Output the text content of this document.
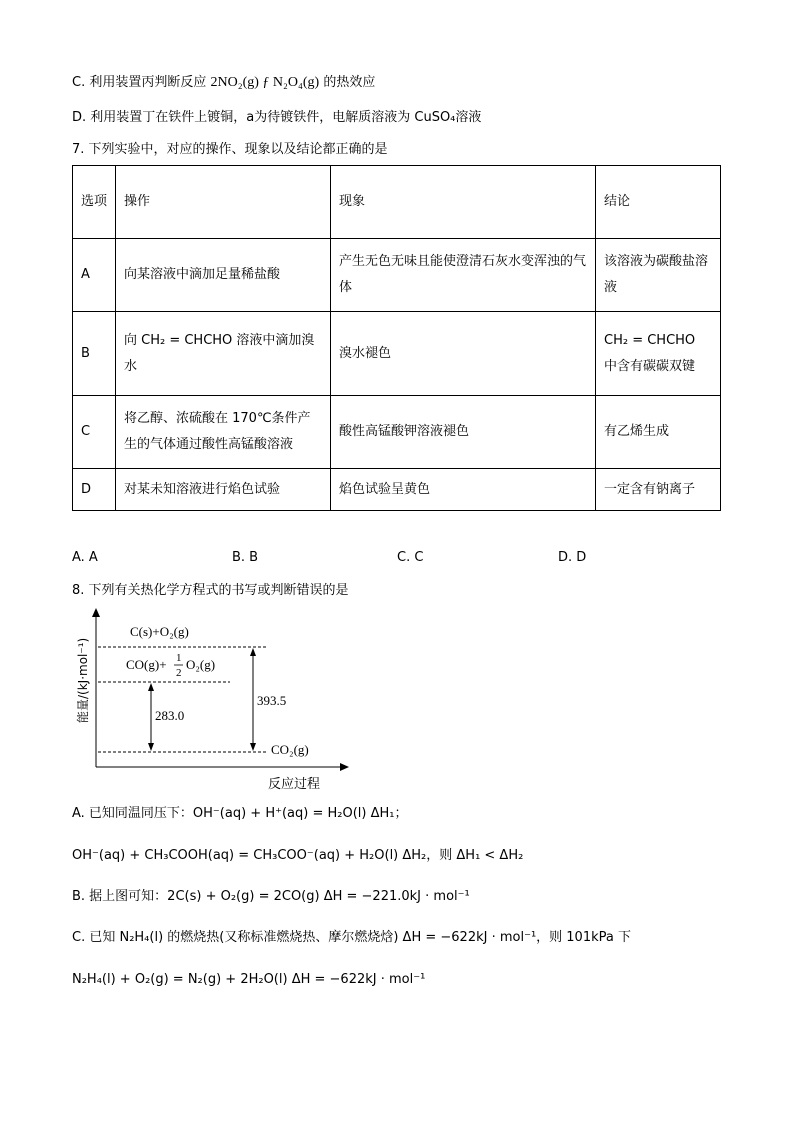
C. 利用装置丙判断反应 2NO₂(g) ƒ N₂O₄(g) 的热效应
D. 利用装置丁在铁件上镀铜，a为待镀铁件，电解质溶液为 CuSO₄溶液
7. 下列实验中，对应的操作、现象以及结论都正确的是
选项	操作	现象	结论
A	向某溶液中滴加足量稀盐酸	产生无色无味且能使澄清石灰水变浑浊的气体	该溶液为碳酸盐溶液
B	向 CH₂ = CHCHO 溶液中滴加溴水	溴水褪色	CH₂ = CHCHO 中含有碳碳双键
C	将乙醇、浓硫酸在 170℃条件产生的气体通过酸性高锰酸溶液	酸性高锰酸钾溶液褪色	有乙烯生成
D	对某未知溶液进行焰色试验	焰色试验呈黄色	一定含有钠离子
A. A	B. B	C. C	D. D
8. 下列有关热化学方程式的书写或判断错误的是
C(s)+O₂(g)
CO(g)+ 1
2
O₂(g)
CO₂(g)
283.0
393.5
反应过程
能量/(kJ·mol⁻¹)
A. 已知同温同压下：OH⁻(aq) + H⁺(aq) = H₂O(l) ΔH₁；
OH⁻(aq) + CH₃COOH(aq) = CH₃COO⁻(aq) + H₂O(l) ΔH₂，则 ΔH₁ < ΔH₂
B. 据上图可知：2C(s) + O₂(g) = 2CO(g) ΔH = −221.0kJ · mol⁻¹
C. 已知 N₂H₄(l) 的燃烧热(又称标准燃烧热、摩尔燃烧焓) ΔH = −622kJ · mol⁻¹，则 101kPa 下
N₂H₄(l) + O₂(g) = N₂(g) + 2H₂O(l) ΔH = −622kJ · mol⁻¹
